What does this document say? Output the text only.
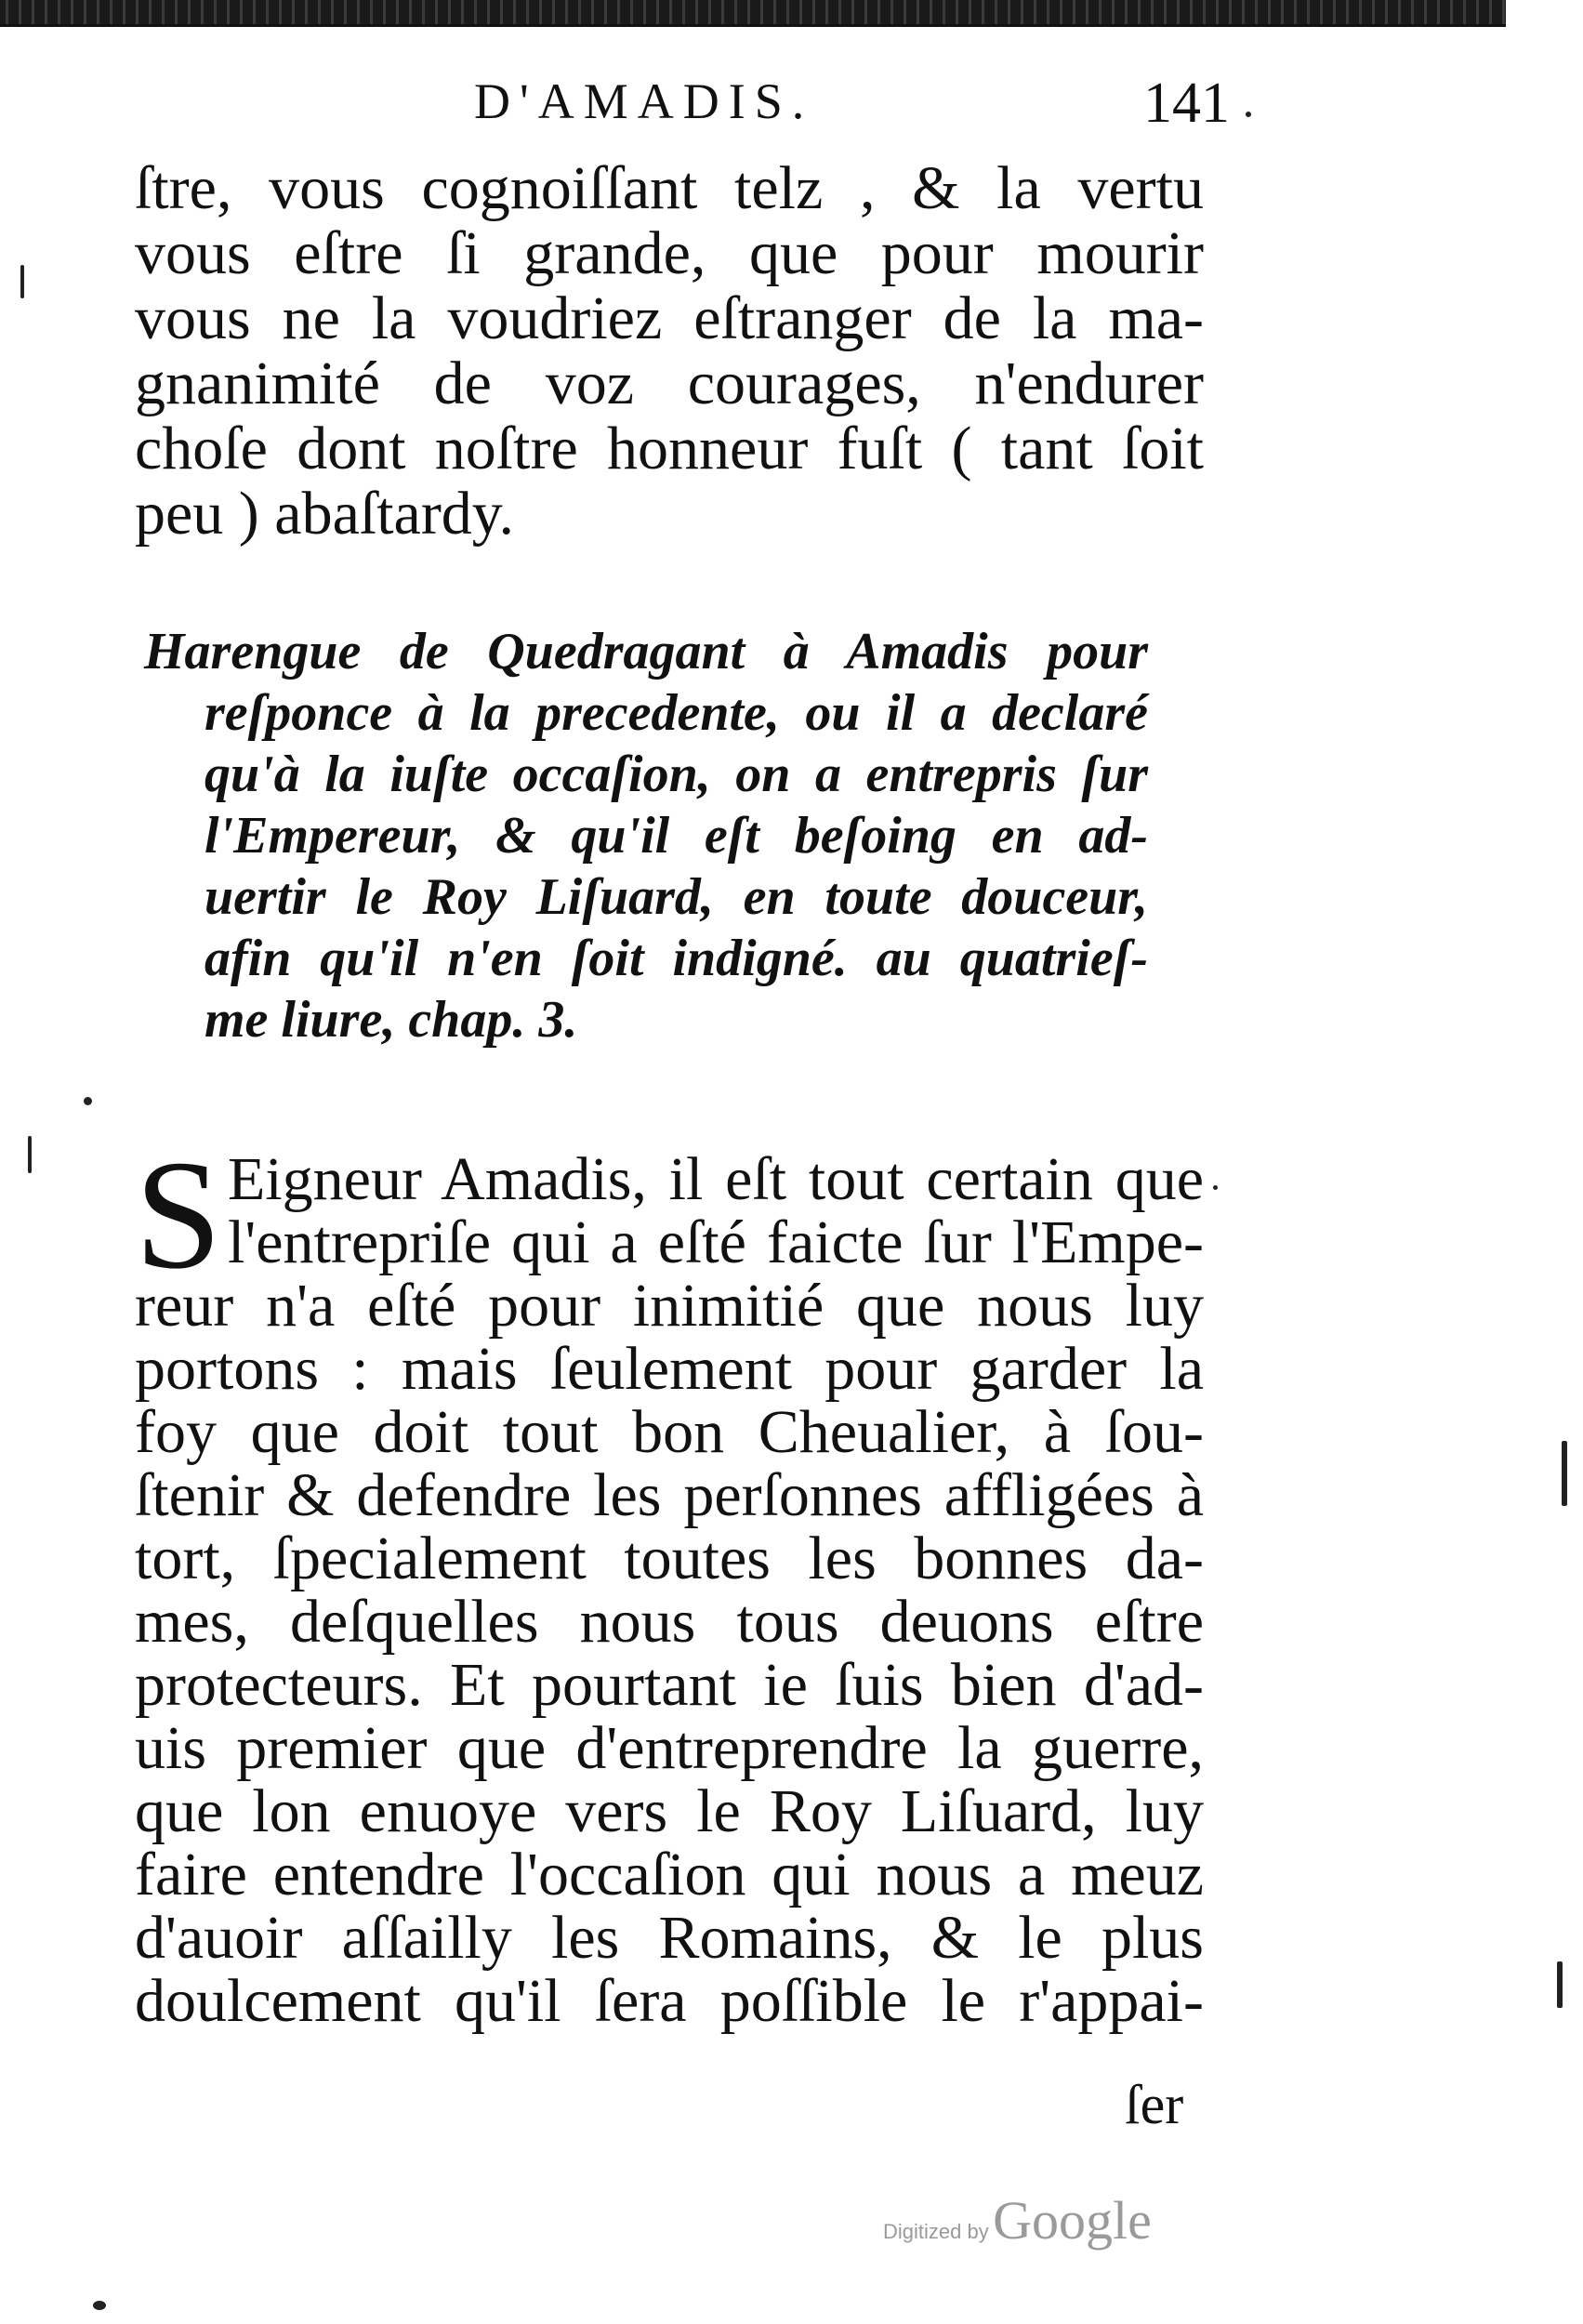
D'AMADIS.	141
ſtre, vous cognoiſſant telz , & la vertu
vous eſtre ſi grande, que pour mourir
vous ne la voudriez eſtranger de la ma-
gnanimité de voz courages, n'endurer
choſe dont noſtre honneur fuſt ( tant ſoit
peu ) abaſtardy.
Harengue de Quedragant à Amadis pour
reſponce à la precedente, ou il a declaré
qu'à la iuſte occaſion, on a entrepris ſur
l'Empereur, & qu'il eſt beſoing en ad-
uertir le Roy Liſuard, en toute douceur,
afin qu'il n'en ſoit indigné. au quatrieſ-
me liure, chap. 3.
S Eigneur Amadis, il eſt tout certain que
l'entrepriſe qui a eſté faicte ſur l'Empe-
reur n'a eſté pour inimitié que nous luy
portons : mais ſeulement pour garder la
foy que doit tout bon Cheualier, à ſou-
ſtenir & defendre les perſonnes affligées à
tort, ſpecialement toutes les bonnes da-
mes, deſquelles nous tous deuons eſtre
protecteurs. Et pourtant ie ſuis bien d'ad-
uis premier que d'entreprendre la guerre,
que lon enuoye vers le Roy Liſuard, luy
faire entendre l'occaſion qui nous a meuz
d'auoir aſſailly les Romains, & le plus
doulcement qu'il ſera poſſible le r'appai-
ſer
Digitized by Google
